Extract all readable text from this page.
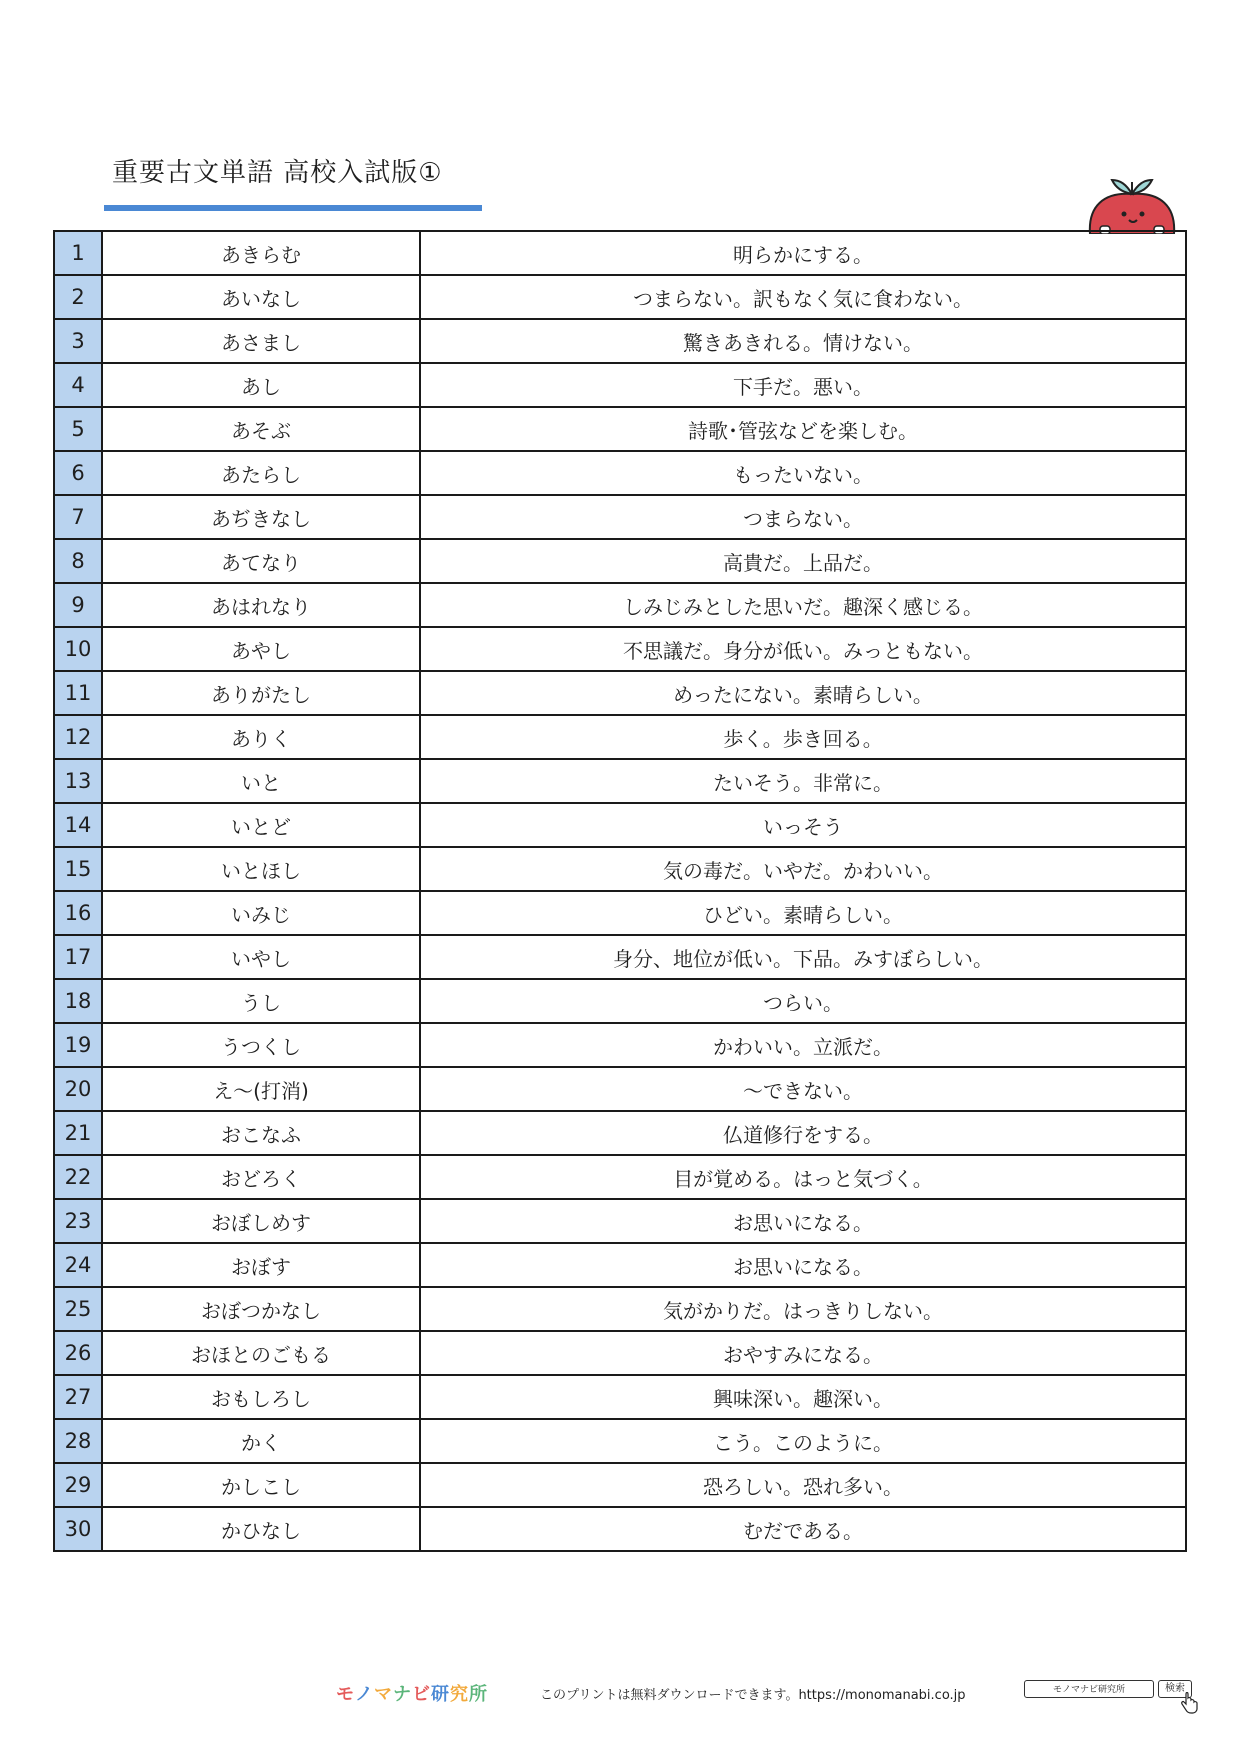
重要古文単語 高校入試版①
1	あきらむ	明らかにする。
2	あいなし	つまらない。訳もなく気に食わない。
3	あさまし	驚きあきれる。情けない。
4	あし	下手だ。悪い。
5	あそぶ	詩歌･管弦などを楽しむ。
6	あたらし	もったいない。
7	あぢきなし	つまらない。
8	あてなり	高貴だ。上品だ。
9	あはれなり	しみじみとした思いだ。趣深く感じる。
10	あやし	不思議だ。身分が低い。みっともない。
11	ありがたし	めったにない。素晴らしい。
12	ありく	歩く。歩き回る。
13	いと	たいそう。非常に。
14	いとど	いっそう
15	いとほし	気の毒だ。いやだ。かわいい。
16	いみじ	ひどい。素晴らしい。
17	いやし	身分、地位が低い。下品。みすぼらしい。
18	うし	つらい。
19	うつくし	かわいい。立派だ。
20	え～(打消)	～できない。
21	おこなふ	仏道修行をする。
22	おどろく	目が覚める。はっと気づく。
23	おぼしめす	お思いになる。
24	おぼす	お思いになる。
25	おぼつかなし	気がかりだ。はっきりしない。
26	おほとのごもる	おやすみになる。
27	おもしろし	興味深い。趣深い。
28	かく	こう。このように。
29	かしこし	恐ろしい。恐れ多い。
30	かひなし	むだである。
モノマナビ研究所	このプリントは無料ダウンロードできます。https://monomanabi.co.jp	モノマナビ研究所	検索
